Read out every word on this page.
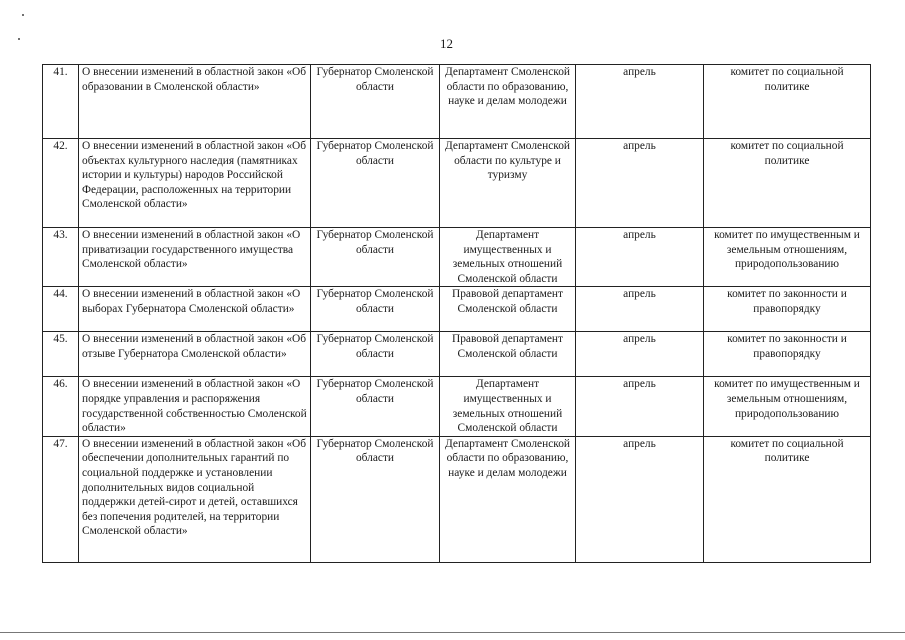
12
41.	О внесении изменений в областной закон «Об образовании в Смоленской области»	Губернатор Смоленской области	Департамент Смоленской области по образованию, науке и делам молодежи	апрель	комитет по социальной политике
42.	О внесении изменений в областной закон «Об объектах культурного наследия (памятниках истории и культуры) народов Российской Федерации, расположенных на территории Смоленской области»	Губернатор Смоленской области	Департамент Смоленской области по культуре и туризму	апрель	комитет по социальной политике
43.	О внесении изменений в областной закон «О приватизации государственного имущества Смоленской области»	Губернатор Смоленской области	Департамент имущественных и земельных отношений Смоленской области	апрель	комитет по имущественным и земельным отношениям, природопользованию
44.	О внесении изменений в областной закон «О выборах Губернатора Смоленской области»	Губернатор Смоленской области	Правовой департамент Смоленской области	апрель	комитет по законности и правопорядку
45.	О внесении изменений в областной закон «Об отзыве Губернатора Смоленской области»	Губернатор Смоленской области	Правовой департамент Смоленской области	апрель	комитет по законности и правопорядку
46.	О внесении изменений в областной закон «О порядке управления и распоряжения государственной собственностью Смоленской области»	Губернатор Смоленской области	Департамент имущественных и земельных отношений Смоленской области	апрель	комитет по имущественным и земельным отношениям, природопользованию
47.	О внесении изменений в областной закон «Об обеспечении дополнительных гарантий по социальной поддержке и установлении дополнительных видов социальной поддержки детей-сирот и детей, оставшихся без попечения родителей, на территории Смоленской области»	Губернатор Смоленской области	Департамент Смоленской области по образованию, науке и делам молодежи	апрель	комитет по социальной политике
